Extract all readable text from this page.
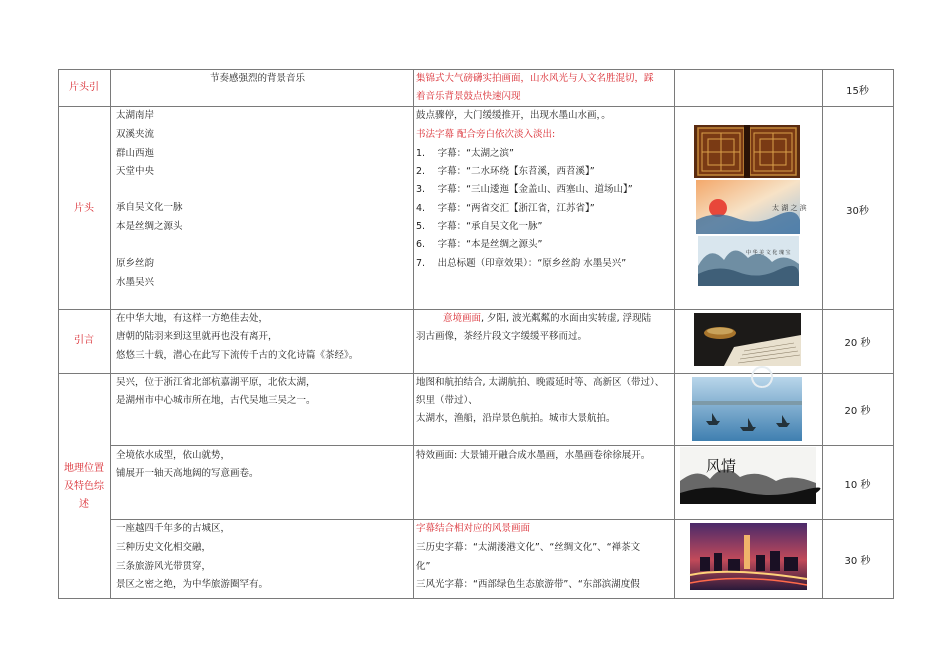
片头引
节奏感强烈的背景音乐	集锦式大气磅礴实拍画面，山水风光与人文名胜混切，踩
着音乐背景鼓点快速闪现	15秒
片头
太湖南岸
双溪夹流
群山西迤
天堂中央
承自吴文化一脉
本是丝绸之源头
原乡丝韵
水墨吴兴
鼓点骤停，大门缓缓推开，出现水墨山水画，。
书法字幕 配合旁白依次淡入淡出:
1.　 字幕：“太湖之滨”
2.　 字幕：“二水环绕【东苕溪，西苕溪】”
3.　 字幕：“三山逶迤【金盖山、西塞山、道场山】”
4.　 字幕：“两省交汇【浙江省，江苏省】”
5.　 字幕：“承自吴文化一脉”
6.　 字幕：“本是丝绸之源头”
7.　 出总标题（印章效果）：“原乡丝韵 水墨吴兴”
30秒
太 湖 之 滨
中 华 美 文 化 瑰 宝
引言
在中华大地，有这样一方绝佳去处，
唐朝的陆羽来到这里就再也没有离开，
悠悠三十载，潜心在此写下流传千古的文化诗篇《茶经》。
意境画面, 夕阳, 波光粼粼的水面由实转虚, 浮现陆
羽古画像，茶经片段文字缓缓平移而过。
20 秒
地理位置
及特色综
述
吴兴，位于浙江省北部杭嘉湖平原，北依太湖，
是湖州市中心城市所在地，古代吴地三吴之一。
地图和航拍结合, 太湖航拍、晚霞延时等、高新区（带过）、
织里（带过）、
太湖水，渔船，沿岸景色航拍。城市大景航拍。
20 秒
全境依水成型，依山就势，
铺展开一轴天高地阔的写意画卷。
特效画面: 大景铺开融合成水墨画，水墨画卷徐徐展开。
10 秒
风情
一座越四千年多的古城区，
三种历史文化相交融，
三条旅游风光带贯穿，
景区之密之绝，为中华旅游圈罕有。
字幕结合相对应的风景画面
三历史字幕：“太湖溇港文化”、“丝绸文化”、“禅茶文
化”
三风光字幕：“西部绿色生态旅游带”、“东部滨湖度假
30 秒
